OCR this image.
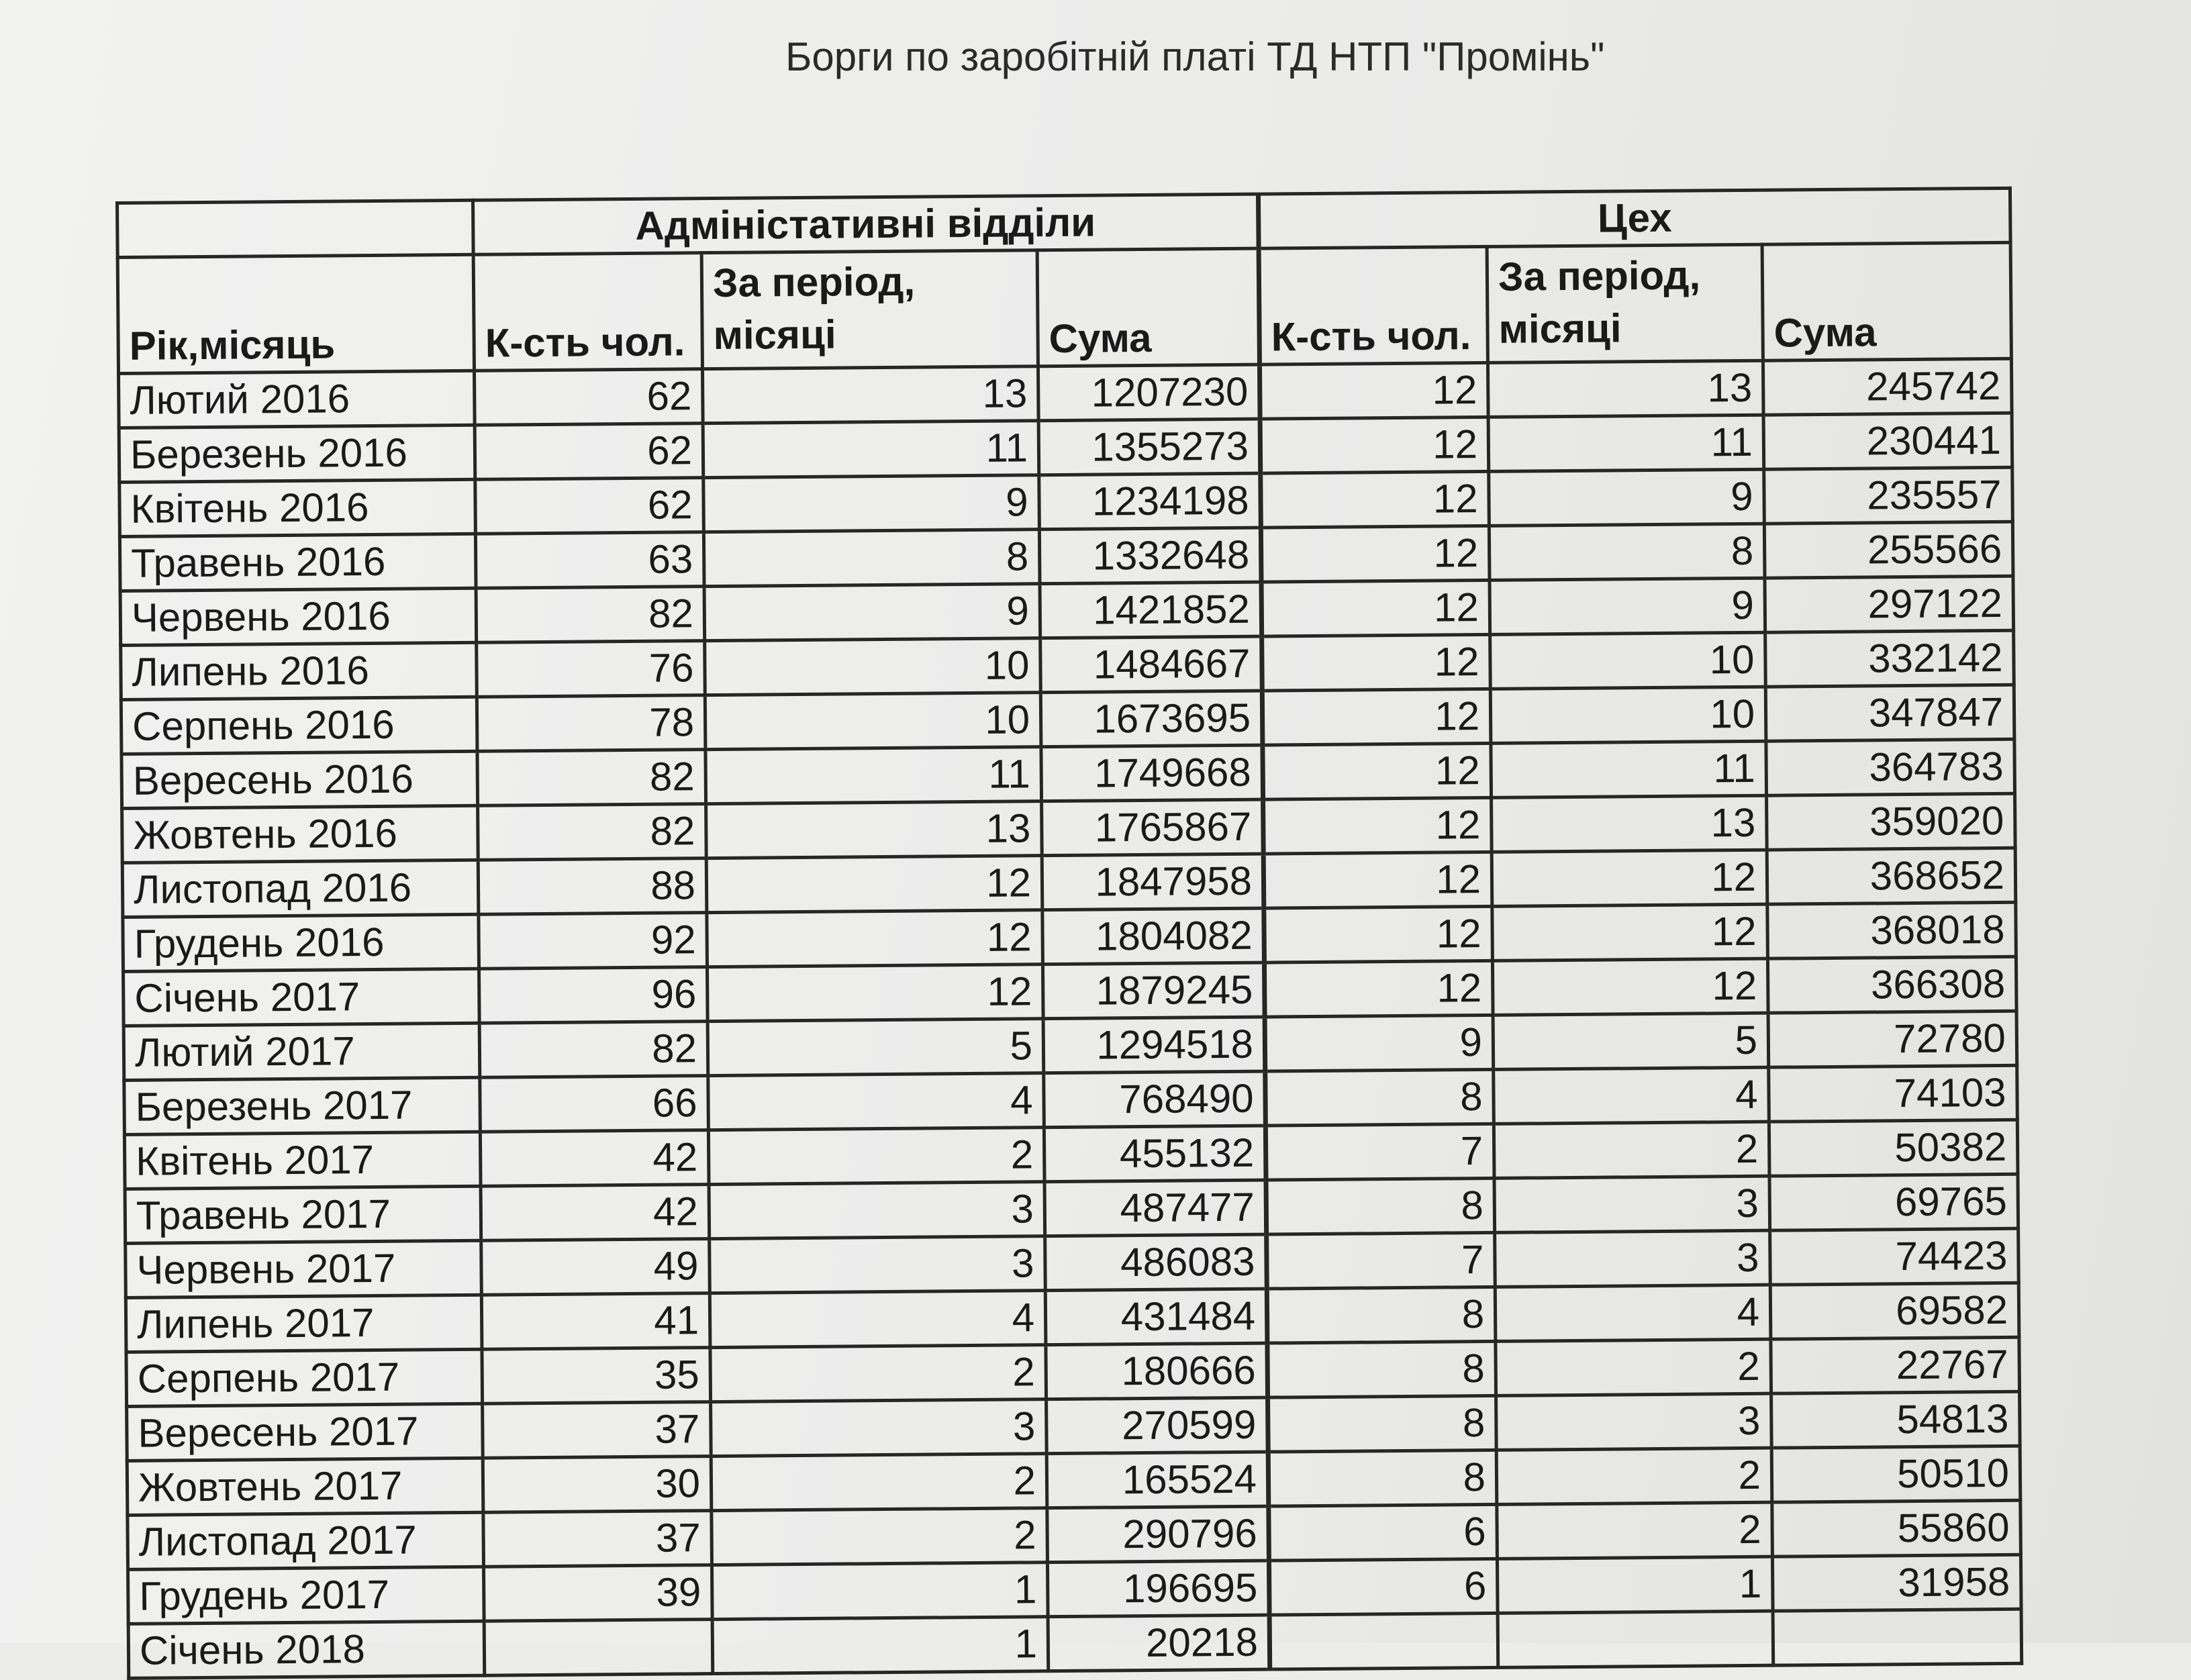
Борги по заробітній платі ТД НТП "Промінь"
	Адміністативні відділи			Цех		
Рік,місяць	К-сть чол.	За період, місяці	Сума	К-сть чол.	За період, місяці	Сума
Лютий 2016	62	13	1207230	12	13	245742
Березень 2016	62	11	1355273	12	11	230441
Квітень 2016	62	9	1234198	12	9	235557
Травень 2016	63	8	1332648	12	8	255566
Червень 2016	82	9	1421852	12	9	297122
Липень 2016	76	10	1484667	12	10	332142
Серпень 2016	78	10	1673695	12	10	347847
Вересень 2016	82	11	1749668	12	11	364783
Жовтень 2016	82	13	1765867	12	13	359020
Листопад 2016	88	12	1847958	12	12	368652
Грудень 2016	92	12	1804082	12	12	368018
Січень 2017	96	12	1879245	12	12	366308
Лютий 2017	82	5	1294518	9	5	72780
Березень 2017	66	4	768490	8	4	74103
Квітень 2017	42	2	455132	7	2	50382
Травень 2017	42	3	487477	8	3	69765
Червень 2017	49	3	486083	7	3	74423
Липень 2017	41	4	431484	8	4	69582
Серпень 2017	35	2	180666	8	2	22767
Вересень 2017	37	3	270599	8	3	54813
Жовтень 2017	30	2	165524	8	2	50510
Листопад 2017	37	2	290796	6	2	55860
Грудень 2017	39	1	196695	6	1	31958
Січень 2018		1	20218			
